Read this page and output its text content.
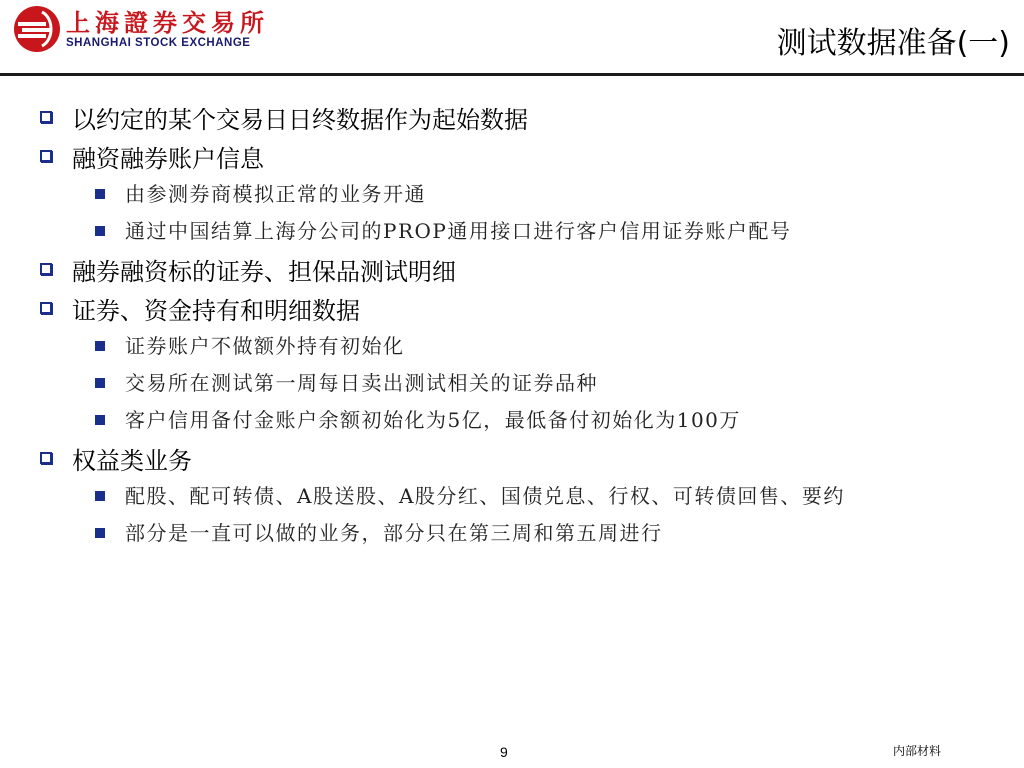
上海證券交易所
SHANGHAI STOCK EXCHANGE	测试数据准备(一)
以约定的某个交易日日终数据作为起始数据
融资融券账户信息
由参测券商模拟正常的业务开通
通过中国结算上海分公司的PROP通用接口进行客户信用证券账户配号
融券融资标的证券、担保品测试明细
证券、资金持有和明细数据
证券账户不做额外持有初始化
交易所在测试第一周每日卖出测试相关的证券品种
客户信用备付金账户余额初始化为5亿，最低备付初始化为100万
权益类业务
配股、配可转债、A股送股、A股分红、国债兑息、行权、可转债回售、要约
部分是一直可以做的业务，部分只在第三周和第五周进行
9	内部材料
